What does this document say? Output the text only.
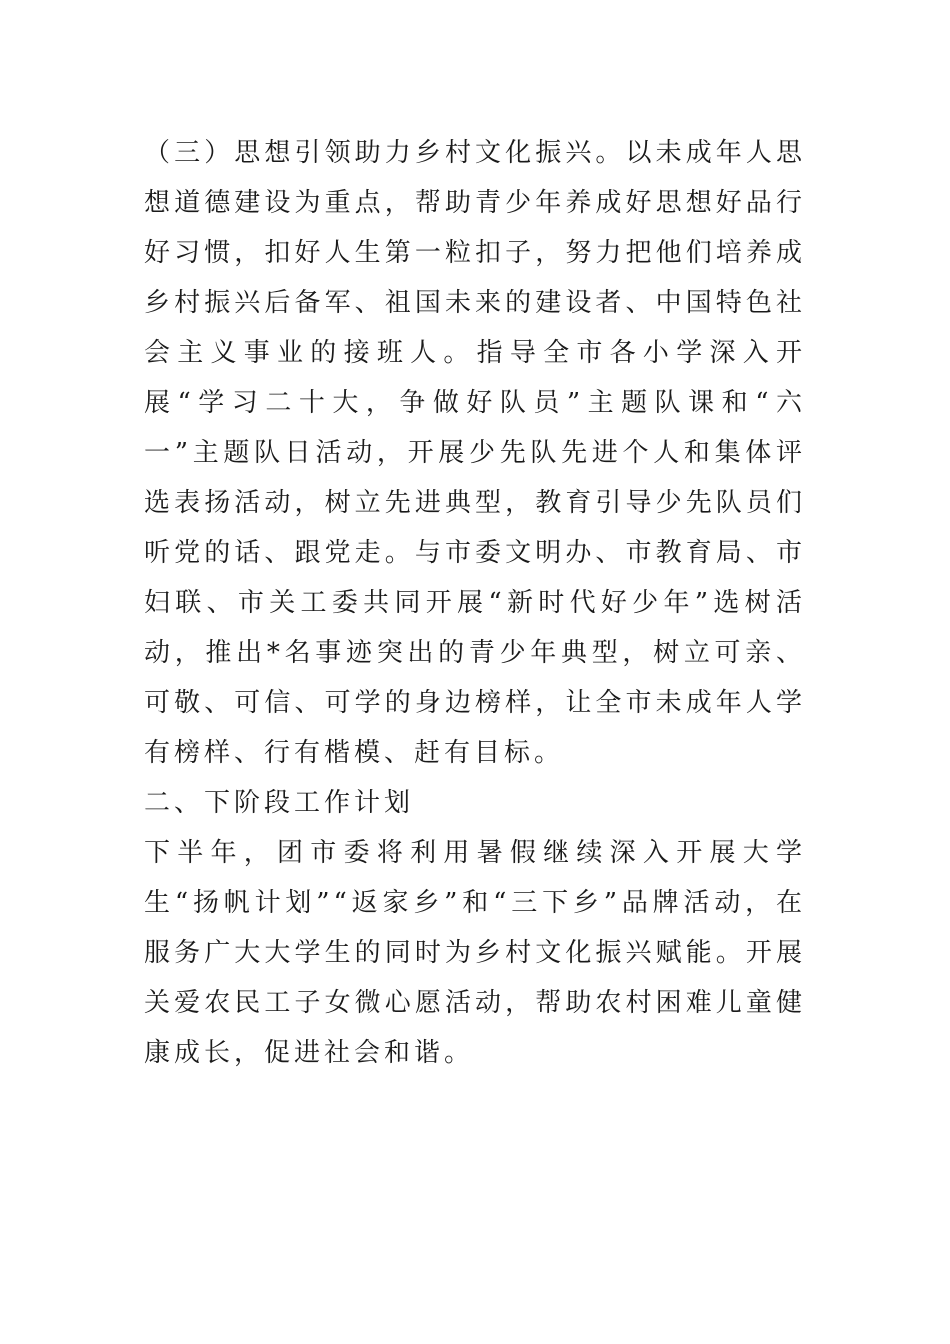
（三）思想引领助力乡村文化振兴。以未成年人思想道德建设为重点，帮助青少年养成好思想好品行好习惯，扣好人生第一粒扣子，努力把他们培养成乡村振兴后备军、祖国未来的建设者、中国特色社会主义事业的接班人。指导全市各小学深入开展“学习二十大，争做好队员”主题队课和“六一”主题队日活动，开展少先队先进个人和集体评选表扬活动，树立先进典型，教育引导少先队员们听党的话、跟党走。与市委文明办、市教育局、市妇联、市关工委共同开展“新时代好少年”选树活动，推出*名事迹突出的青少年典型，树立可亲、可敬、可信、可学的身边榜样，让全市未成年人学有榜样、行有楷模、赶有目标。

二、下阶段工作计划

下半年，团市委将利用暑假继续深入开展大学生“扬帆计划”“返家乡”和“三下乡”品牌活动，在服务广大大学生的同时为乡村文化振兴赋能。开展关爱农民工子女微心愿活动，帮助农村困难儿童健康成长，促进社会和谐。
